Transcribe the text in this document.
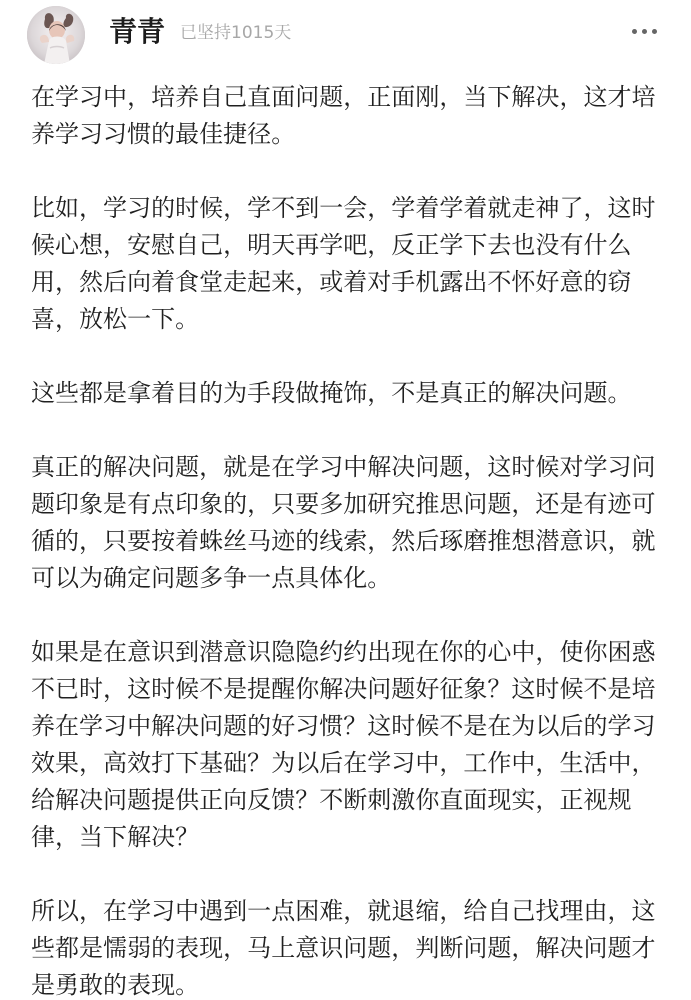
青青 已坚持1015天

在学习中，培养自己直面问题，正面刚，当下解决，这才培养学习习惯的最佳捷径。

比如，学习的时候，学不到一会，学着学着就走神了，这时候心想，安慰自己，明天再学吧，反正学下去也没有什么用，然后向着食堂走起来，或着对手机露出不怀好意的窃喜，放松一下。

这些都是拿着目的为手段做掩饰，不是真正的解决问题。

真正的解决问题，就是在学习中解决问题，这时候对学习问题印象是有点印象的，只要多加研究推思问题，还是有迹可循的，只要按着蛛丝马迹的线索，然后琢磨推想潜意识，就可以为确定问题多争一点具体化。

如果是在意识到潜意识隐隐约约出现在你的心中，使你困惑不已时，这时候不是提醒你解决问题好征象？这时候不是培养在学习中解决问题的好习惯？这时候不是在为以后的学习效果，高效打下基础？为以后在学习中，工作中，生活中，给解决问题提供正向反馈？不断刺激你直面现实，正视规律，当下解决？

所以，在学习中遇到一点困难，就退缩，给自己找理由，这些都是懦弱的表现，马上意识问题，判断问题，解决问题才是勇敢的表现。
